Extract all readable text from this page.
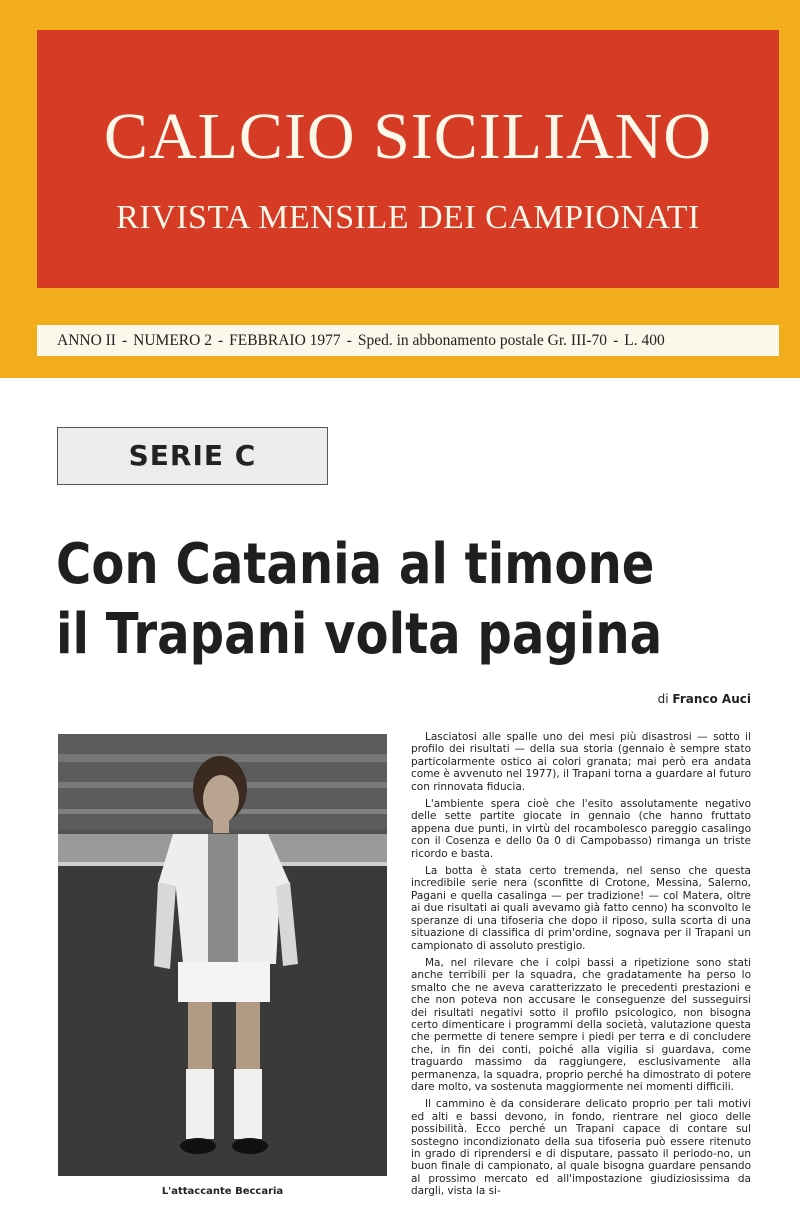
CALCIO SICILIANO
RIVISTA MENSILE DEI CAMPIONATI
ANNO II - NUMERO 2 - FEBBRAIO 1977 - Sped. in abbonamento postale Gr. III-70 - L. 400
SERIE C
Con Catania al timone
il Trapani volta pagina
di Franco Auci
L'attaccante Beccaria

Lasciatosi alle spalle uno dei mesi più disastrosi — sotto il profilo dei risultati — della sua storia (gennaio è sempre stato particolarmente ostico ai colori granata; mai però era andata come è avvenuto nel 1977), il Trapani torna a guardare al futuro con rinnovata fiducia.

L'ambiente spera cioè che l'esito assolutamente negativo delle sette partite giocate in gennaio (che hanno fruttato appena due punti, in virtù del rocambolesco pareggio casalingo con il Cosenza e dello 0a 0 di Campobasso) rimanga un triste ricordo e basta.

La botta è stata certo tremenda, nel senso che questa incredibile serie nera (sconfitte di Crotone, Messina, Salerno, Pagani e quella casalinga — per tradizione! — col Matera, oltre ai due risultati ai quali avevamo già fatto cenno) ha sconvolto le speranze di una tifoseria che dopo il riposo, sulla scorta di una situazione di classifica di prim'ordine, sognava per il Trapani un campionato di assoluto prestigio.

Ma, nel rilevare che i colpi bassi a ripetizione sono stati anche terribili per la squadra, che gradatamente ha perso lo smalto che ne aveva caratterizzato le precedenti prestazioni e che non poteva non accusare le conseguenze del susseguirsi dei risultati negativi sotto il profilo psicologico, non bisogna certo dimenticare i programmi della società, valutazione questa che permette di tenere sempre i piedi per terra e di concludere che, in fin dei conti, poiché alla vigilia si guardava, come traguardo massimo da raggiungere, esclusivamente alla permanenza, la squadra, proprio perché ha dimostrato di potere dare molto, va sostenuta maggiormente nei momenti difficili.

Il cammino è da considerare delicato proprio per tali motivi ed alti e bassi devono, in fondo, rientrare nel gioco delle possibilità. Ecco perché un Trapani capace di contare sul sostegno incondizionato della sua tifoseria può essere ritenuto in grado di riprendersi e di disputare, passato il periodo-no, un buon finale di campionato, al quale bisogna guardare pensando al prossimo mercato ed all'impostazione giudiziosissima da dargli, vista la si-
